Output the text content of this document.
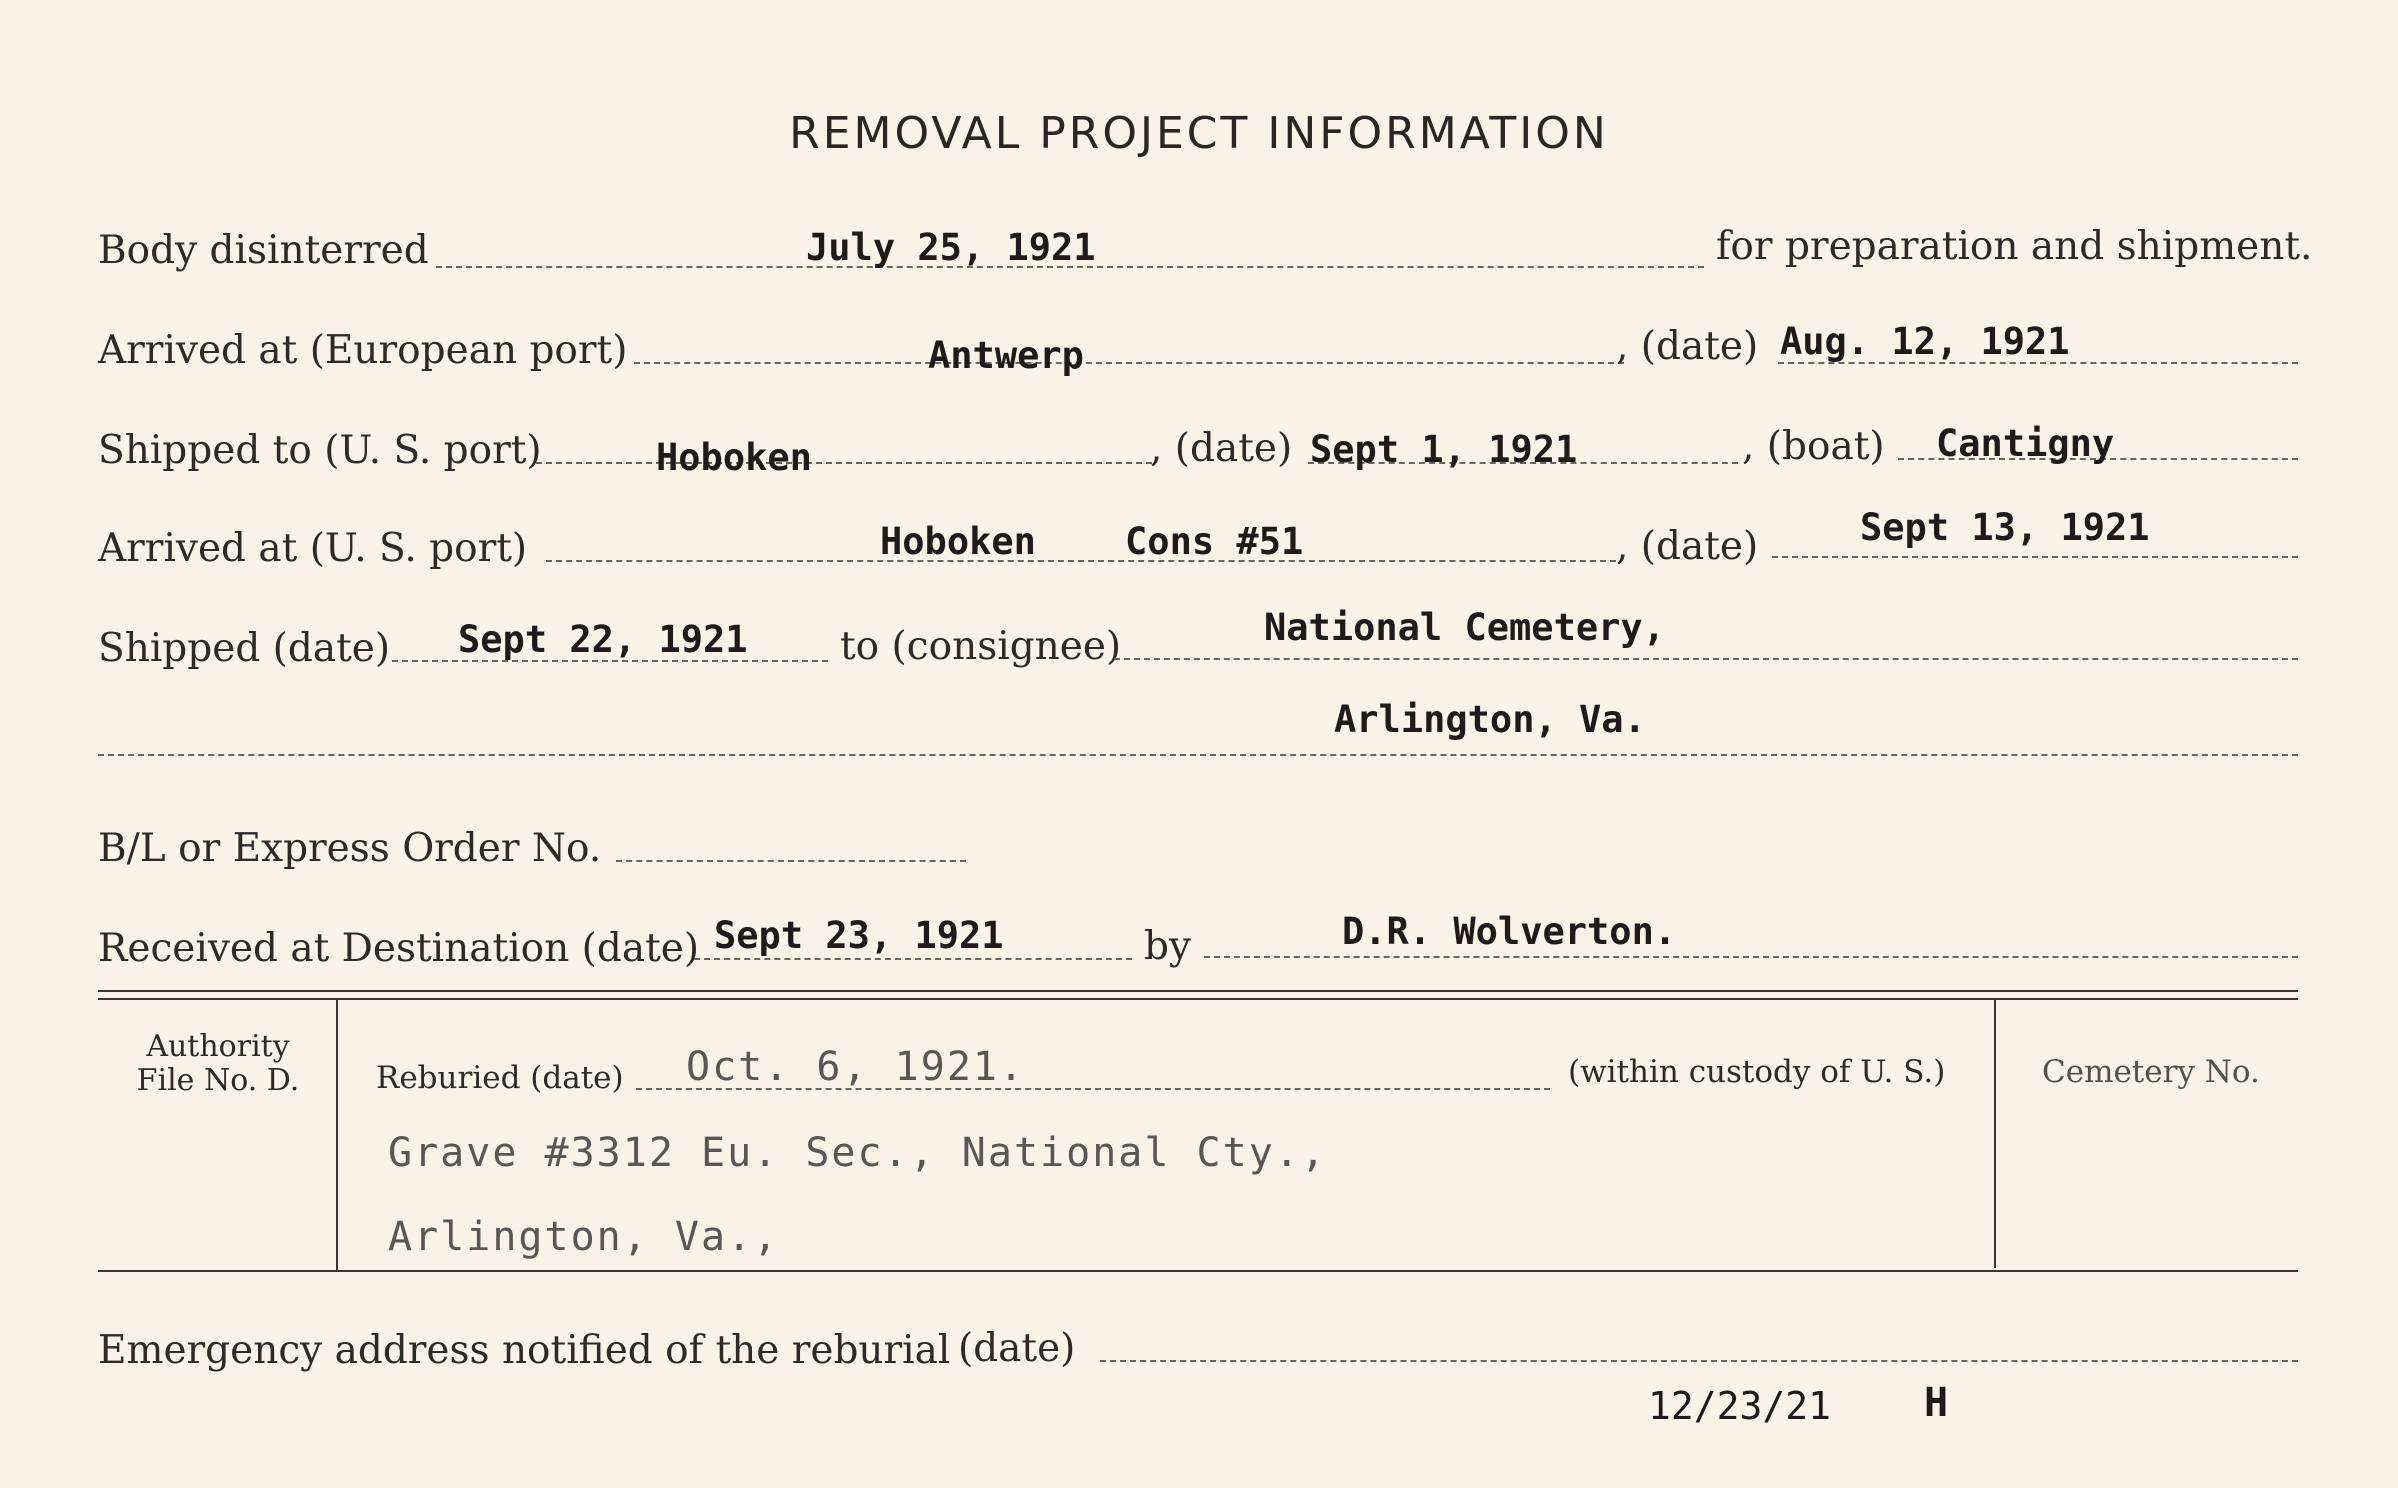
REMOVAL PROJECT INFORMATION
Body disinterred	July 25, 1921	for preparation and shipment.
Arrived at (European port)	Antwerp	, (date) Aug. 12, 1921
Shipped to (U. S. port)	Hoboken	, (date) Sept 1, 1921	, (boat) Cantigny
Arrived at (U. S. port)	Hoboken    Cons #51	, (date)	Sept 13, 1921
Shipped (date) Sept 22, 1921 to (consignee)	National Cemetery,
Arlington, Va.
B/L or Express Order No.
Received at Destination (date) Sept 23, 1921	by	D.R. Wolverton.
Authority
File No. D.	Reburied (date) Oct. 6, 1921.	(within custody of U. S.)
Grave #3312 Eu. Sec., National Cty.,
Arlington, Va.,
Cemetery No.
Emergency address notified of the reburial (date)
12/23/21 H
